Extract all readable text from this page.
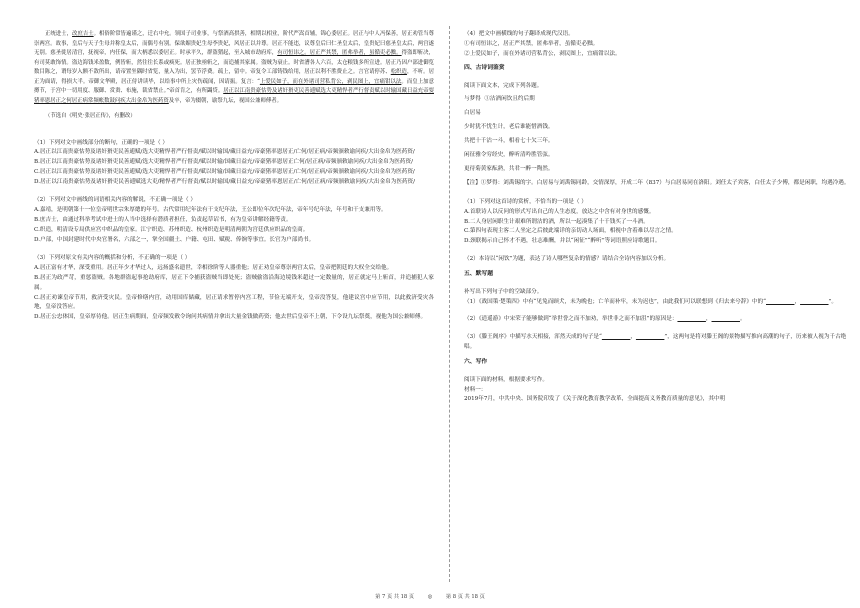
正统进士，改庶吉士。相俗阶常皆遍谨之，迁右中允。领国子司业事，与祭酒高拱善，相期以相业，阶代严嵩首辅，锦心委居正。居正与中人冯保善，居正劝管当尊崇两宫。故事，皇后与天子生母并称皇太后，而偶号有别。保欲媚贵妃生母李贵妃，风居正以并尊。居正不能违，议尊皇后曰仁圣皇太后，皇贵妃曰慈圣皇太后，两宫遂无别。慈圣徙居清宫，抚视帝，内任保，而大柄悉以委居正。时承平久，群盗猬起，至入城市劫府库，有司恒讳之。居正严其禁，匿弗举者，虽循吏必黜。得盗即斩决，有司莫敢饰情。盗边海钱米盈数，例皆斩，然往往长系或瘐死。居正独亟斩之，而追捕其家属。盗贼为衰止。时省漕各人六百，太仓粮钱多所宣进。居正乃因户部进御览数目陈之，谓每岁入额不敌所出，请帝置坐隅时省览，量入为出，罢节浮费。疏上，留中。帝复令工部铸钱给用，居正以利不胜费止之。言官请停苏、松织造，不听。居正为面请，得损大半。帝御文华殿，居正侍讲读毕，以给事中所上灾伤疏闻，因请振。复言：“上爱民如子，而在外诸司营私背公，剥民图上，宜痛钳以法。而皇上加意撙节，于宫中一切用度、服御、赏赉、布施，裁省禁止。”帝首肯之，有所蠲贷。居正以江南贵豪怙势及诸奸猾吏民善逋赋选大吏精悍者严行督责赋以时输国藏日益充帝耍猪率恩居正之何居正病常频帐数鼓问疾大出金帛为医药资及卒，帝为辍朝，谕祭九坛，视国公兼师傅者。

（节选自《明史·张居正传》，有删改）

（1）下列对文中画线部分的断句，正确的一项是（ ）

A.居正以江南贵豪怙势及诸奸猾吏民善逋赋/选大吏精悍者严行督责/赋以时输国/藏日益充/帝豪猪率恩居正/亡何/居正病/帝频颁敕谕问疾/大出金帛为医药资/

B.居正以江南贵豪怙势及诸奸猾吏民善逋赋/选大吏精悍者严行督责/赋以时输/国藏日益充/帝豪猪率恩居正亡何/居正病/帝频颁敕谕问疾/大出金帛为医药资/

C.居正以江南贵豪怙势及诸奸猾吏民善逋赋/选大吏精悍者严行督责/赋以时输/国藏日益充/帝豪猪率恩居正/亡何/居正病/帝频颁敕谕问疾/大出金帛为医药资/

D.居正以江南贵豪怙势及诸奸猾吏民善逋赋选大吏/精悍者严行督责/赋以时输国/藏日益充/帝豪猪率恩居正/亡何/居正病/帝频颁敕谕问疾/大出金帛为医药资/

（2）下列对文中画线的词语相关内容的解说，不正确一项是（ ）

A.嘉靖，是明朝第十一位皇帝明世宗朱厚熜的年号。古代常用纪年法有干支纪年法，王公即位年次纪年法，帝年号纪年法，年号和干支兼用等。

B.庶吉士，由通过科举考试中进士的人当中选择有潜质者担任，负责起草诏书，有为皇帝讲解经籍等责。

C.织造，明清设专局供应宫中织品的皇家。江宁织造、苏州织造、杭州织造是明清两朝为宫廷供应织品的皇商。

D.户部，中国封建时代中央官署名，六部之一，掌全国疆土、户籍、屯田、赋税、俸饷等事宜。长官为户部尚书。

（3）下列对原文有关内容的概括和分析，不正确的一项是（ ）

A.居正富有才华，深受重用。居正年少才华过人，远扬盛名遗世，幸相徐阶等人器重他；居正劝皇帝尊崇两宫太后，皇帝把朝廷的大权全交给他。

B.居正为政严苛，重惩盗贼。各地群盗起事抢劫府库，居正下令捕获盗贼当即处死；盗贼偷盗沿海边境钱米超过一定数量的，居正就定马上斩首，并追捕犯人家属。

C.居正劝谏皇帝节用，救济受灾民。皇帝修缮内宫，动用国库储藏，居正请求暂停内宫工程，节俭无端开支，皇帝没答复，他建议宫中应节用，以此救济受灾各地，皇帝没答应。

D.居正公忠体国，皇帝厚待他。居正生病期间，皇帝频发敕令询问其病情并拿出大量金钱做药资；他去世后皇帝不上朝，下令设九坛祭奠，视他为国公兼师傅。

（4）把文中画横线的句子翻译成现代汉语。

①有司恒讳之，居正严其禁，匿弗举者，虽循吏必黜。

②上爱民如子，而在外诸司营私背公，剥民图上，宜痛钳以法。

四、古诗词鉴赏

阅读下面文本，完成下列各题。

与梦得 ①沽酒闲饮且约后期

白居易

少时犹不忧生计，老后谁能惜酒钱。

共把十千沽一斗，相看七十欠三年。

闲征雅令穷经史，醉听清吟胜管弦。

更待菊黄家酝熟，共君一醉一陶然。

【注】①梦得：刘禹锡的字。白居易与刘禹锡同龄，交情深厚，开成二年（837）与白居易同在洛阳。刘任太子宾客，白任太子少傅，都是闲职，均遇冷遇。

（1）下列对这首诗的赏析，不恰当的一项是（ ）

A.首联诗人以反问的形式写出自己的人生态度，放达之中含有对身世的感慨。

B.二人身居闲职生计艰难所谓沽的酒，所以一起凑集了十千钱买了一斗酒。

C.第四句表现主客二人坐定之后彼此端详的亲切动人场面，相视中含着难以尽言之情。

D.颈联揭示自己怀才不遇，壮志难酬，并以“闲征”“醉听”等词语照应诗歌题目。

（2）本诗以“闲饮”为题，表达了诗人哪些复杂的情感？请结合全诗内容加以分析。

五、默写题

补写出下列句子中的空缺部分。

（1）《战国策·楚策四》中有“见兔而顾犬，未为晚也；亡羊而补牢，未为迟也”，由此我们可以联想到《归去来兮辞》中的“	，	”。

（2）《逍遥游》中宋荣子能够做到“举世誉之而不加劝，举世非之而不加沮”的原因是：	，	。

（3）《滕王阁序》中描写水天相接，浑然天成的句子是“	，	”，这两句是将对滕王阁的景物描写推向高潮的句子，历来被人视为千古绝唱。

六、写作

阅读下面的材料，根据要求写作。

材料一：

2019年7月，中共中央、国务院印发了《关于深化教育教学改革，全面提高义务教育质量的意见》，其中明

第 7 页 共 18 页	◎	第 8 页 共 18 页
